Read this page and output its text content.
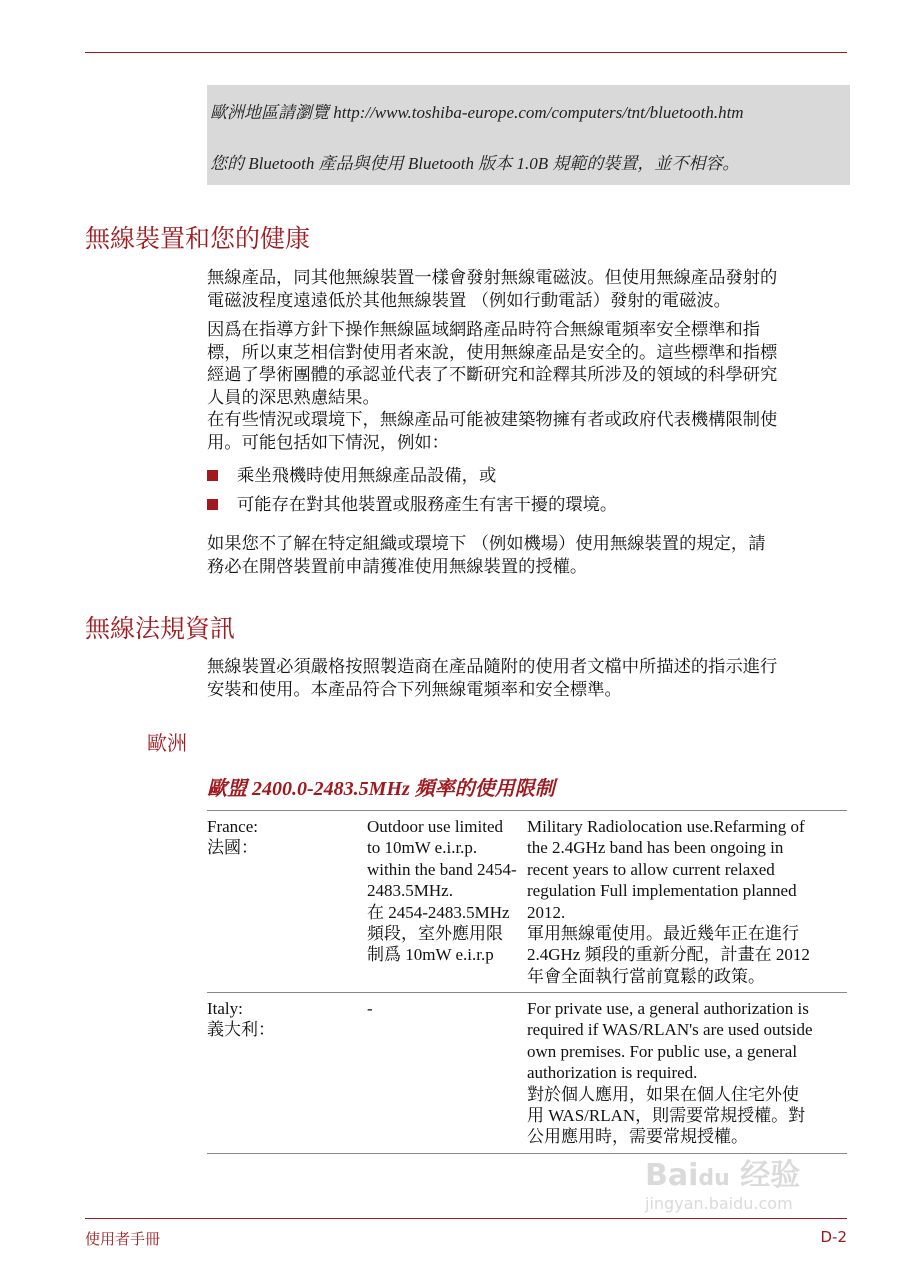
歐洲地區請瀏覽 http://www.toshiba-europe.com/computers/tnt/bluetooth.htm

您的 Bluetooth 產品與使用 Bluetooth 版本 1.0B 規範的裝置，並不相容。

無線裝置和您的健康
無線產品，同其他無線裝置一樣會發射無線電磁波。但使用無線產品發射的
電磁波程度遠遠低於其他無線裝置 （例如行動電話）發射的電磁波。
因爲在指導方針下操作無線區域網路產品時符合無線電頻率安全標準和指
標，所以東芝相信對使用者來說，使用無線產品是安全的。這些標準和指標
經過了學術團體的承認並代表了不斷研究和詮釋其所涉及的領域的科學研究
人員的深思熟慮結果。
在有些情況或環境下，無線產品可能被建築物擁有者或政府代表機構限制使
用。可能包括如下情況，例如：
乘坐飛機時使用無線產品設備，或
可能存在對其他裝置或服務產生有害干擾的環境。
如果您不了解在特定組織或環境下 （例如機場）使用無線裝置的規定，請
務必在開啓裝置前申請獲准使用無線裝置的授權。
無線法規資訊
無線裝置必須嚴格按照製造商在產品隨附的使用者文檔中所描述的指示進行
安裝和使用。本產品符合下列無線電頻率和安全標準。
歐洲
歐盟 2400.0-2483.5MHz 頻率的使用限制
France:
法國：
Outdoor use limited
to 10mW e.i.r.p.
within the band 2454-
2483.5MHz.
在 2454-2483.5MHz
頻段，室外應用限
制爲 10mW e.i.r.p
Military Radiolocation use.Refarming of
the 2.4GHz band has been ongoing in
recent years to allow current relaxed
regulation Full implementation planned
2012.
軍用無線電使用。最近幾年正在進行
2.4GHz 頻段的重新分配，計畫在 2012
年會全面執行當前寬鬆的政策。
Italy:
義大利：
-	For private use, a general authorization is
required if WAS/RLAN's are used outside
own premises. For public use, a general
authorization is required.
對於個人應用，如果在個人住宅外使
用 WAS/RLAN，則需要常規授權。對
公用應用時，需要常規授權。
Baidu 经验
jingyan.baidu.com
使用者手冊	D-2
